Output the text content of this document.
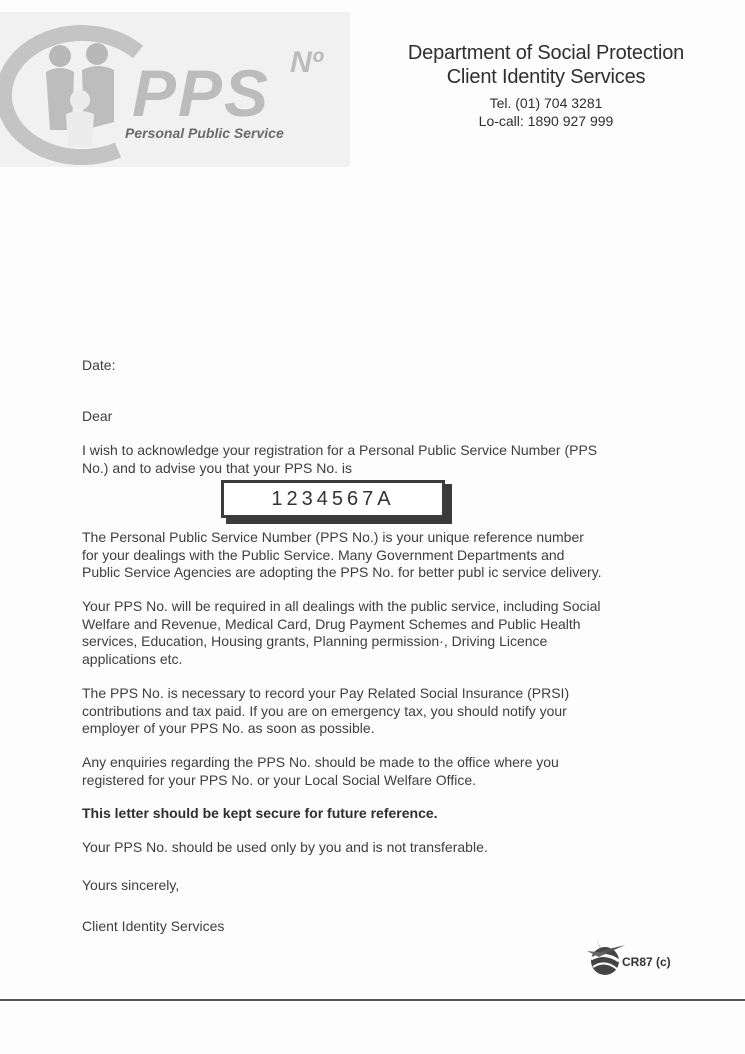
PPS Nº
Personal Public Service
Department of Social Protection
Client Identity Services
Tel. (01) 704 3281
Lo-call: 1890 927 999

Date:

Dear

I wish to acknowledge your registration for a Personal Public Service Number (PPS No.) and to advise you that your PPS No. is

1234567A

The Personal Public Service Number (PPS No.) is your unique reference number for your dealings with the Public Service. Many Government Departments and Public Service Agencies are adopting the PPS No. for better publ ic service delivery.

Your PPS No. will be required in all dealings with the public service, including Social Welfare and Revenue, Medical Card, Drug Payment Schemes and Public Health services, Education, Housing grants, Planning permission·, Driving Licence applications etc.

The PPS No. is necessary to record your Pay Related Social Insurance (PRSI) contributions and tax paid. If you are on emergency tax, you should notify your employer of your PPS No. as soon as possible.

Any enquiries regarding the PPS No. should be made to the office where you registered for your PPS No. or your Local Social Welfare Office.

This letter should be kept secure for future reference.

Your PPS No. should be used only by you and is not transferable.

Yours sincerely,

Client Identity Services

CR87 (c)
